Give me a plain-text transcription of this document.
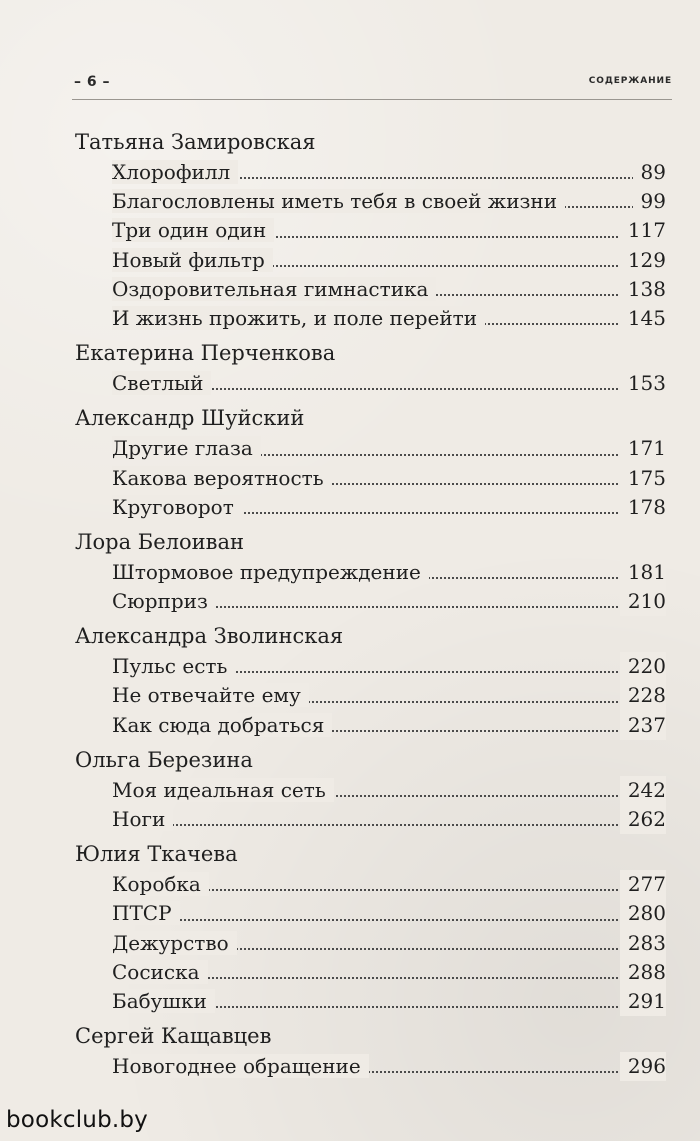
– 6 –	СОДЕРЖАНИЕ
Татьяна Замировская
Хлорофилл	89
Благословлены иметь тебя в своей жизни	99
Три один один	117
Новый фильтр	129
Оздоровительная гимнастика	138
И жизнь прожить, и поле перейти	145
Екатерина Перченкова
Светлый	153
Александр Шуйский
Другие глаза	171
Какова вероятность	175
Круговорот	178
Лора Белоиван
Штормовое предупреждение	181
Сюрприз	210
Александра Зволинская
Пульс есть	220
Не отвечайте ему	228
Как сюда добраться	237
Ольга Березина
Моя идеальная сеть	242
Ноги	262
Юлия Ткачева
Коробка	277
ПТСР	280
Дежурство	283
Сосиска	288
Бабушки	291
Сергей Кащавцев
Новогоднее обращение	296
bookclub.by
